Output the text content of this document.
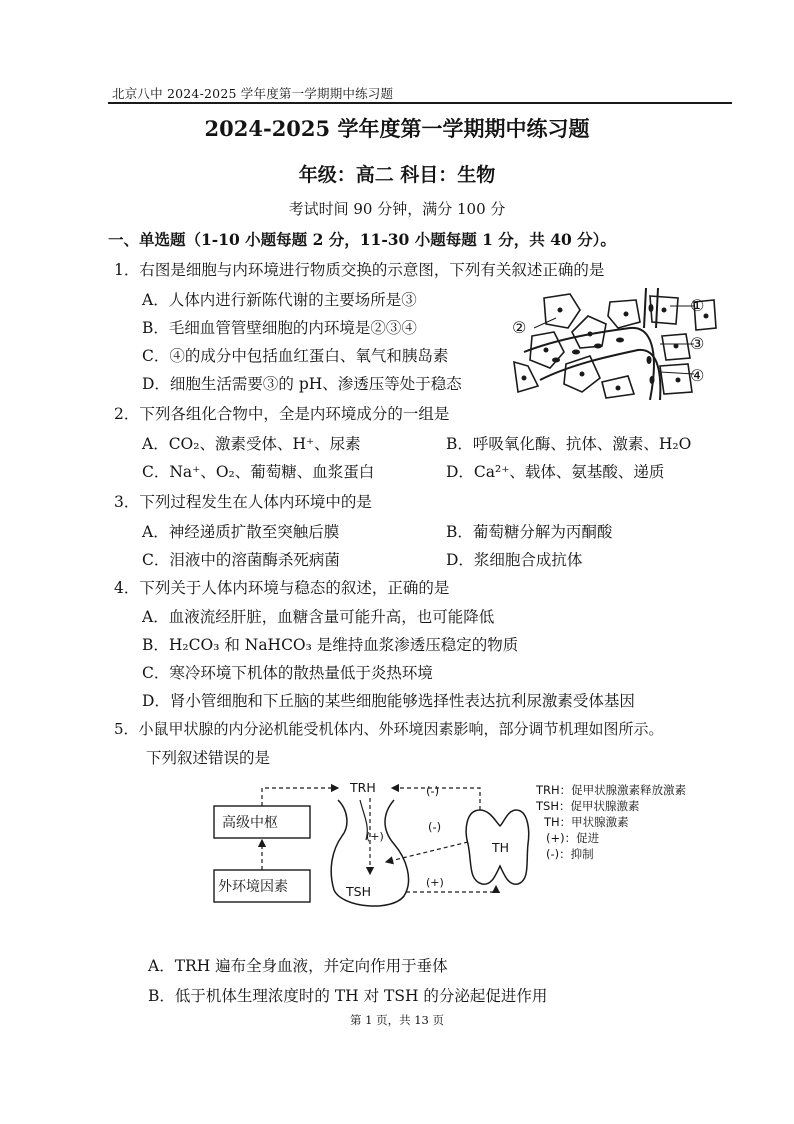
北京八中 2024-2025 学年度第一学期期中练习题
2024-2025 学年度第一学期期中练习题
年级：高二 科目：生物
考试时间 90 分钟，满分 100 分
一、单选题（1-10 小题每题 2 分，11-30 小题每题 1 分，共 40 分）。
1．右图是细胞与内环境进行物质交换的示意图，下列有关叙述正确的是
A．人体内进行新陈代谢的主要场所是③
B．毛细血管管壁细胞的内环境是②③④
C．④的成分中包括血红蛋白、氧气和胰岛素
D．细胞生活需要③的 pH、渗透压等处于稳态
①
②
③
④
2．下列各组化合物中，全是内环境成分的一组是
A．CO₂、激素受体、H⁺、尿素	B．呼吸氧化酶、抗体、激素、H₂O
C．Na⁺、O₂、葡萄糖、血浆蛋白	D．Ca²⁺、载体、氨基酸、递质
3．下列过程发生在人体内环境中的是
A．神经递质扩散至突触后膜	B．葡萄糖分解为丙酮酸
C．泪液中的溶菌酶杀死病菌	D．浆细胞合成抗体
4．下列关于人体内环境与稳态的叙述，正确的是
A．血液流经肝脏，血糖含量可能升高，也可能降低
B．H₂CO₃ 和 NaHCO₃ 是维持血浆渗透压稳定的物质
C．寒冷环境下机体的散热量低于炎热环境
D．肾小管细胞和下丘脑的某些细胞能够选择性表达抗利尿激素受体基因
5．小鼠甲状腺的内分泌机能受机体内、外环境因素影响，部分调节机理如图所示。
下列叙述错误的是
高级中枢
外环境因素
TRH
TSH
TH
(-)
(-)
(+)
(+)
TRH：促甲状腺激素释放激素
TSH：促甲状腺激素
TH：甲状腺激素
(+)：促进
(-)：抑制
A．TRH 遍布全身血液，并定向作用于垂体
B．低于机体生理浓度时的 TH 对 TSH 的分泌起促进作用
第 1 页，共 13 页
